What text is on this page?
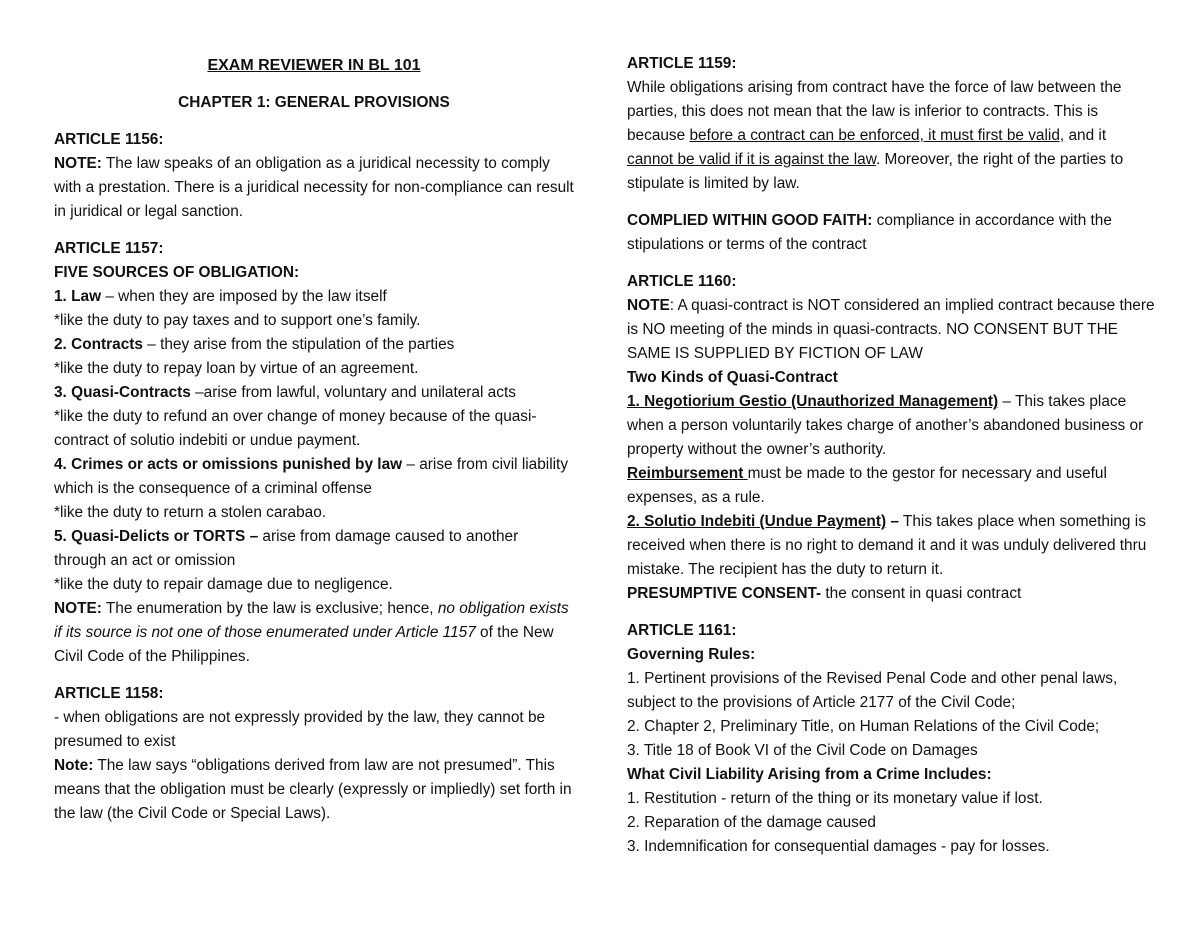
EXAM REVIEWER IN BL 101

CHAPTER 1: GENERAL PROVISIONS

ARTICLE 1156:

NOTE: The law speaks of an obligation as a juridical necessity to comply with a prestation. There is a juridical necessity for non-compliance can result in juridical or legal sanction.

ARTICLE 1157:

FIVE SOURCES OF OBLIGATION:

1. Law – when they are imposed by the law itself

*like the duty to pay taxes and to support one’s family.

2. Contracts – they arise from the stipulation of the parties

*like the duty to repay loan by virtue of an agreement.

3. Quasi-Contracts –arise from lawful, voluntary and unilateral acts

*like the duty to refund an over change of money because of the quasi-contract of solutio indebiti or undue payment.

4. Crimes or acts or omissions punished by law – arise from civil liability which is the consequence of a criminal offense

*like the duty to return a stolen carabao.

5. Quasi-Delicts or TORTS – arise from damage caused to another through an act or omission

*like the duty to repair damage due to negligence.

NOTE: The enumeration by the law is exclusive; hence, no obligation exists if its source is not one of those enumerated under Article 1157 of the New Civil Code of the Philippines.

ARTICLE 1158:

- when obligations are not expressly provided by the law, they cannot be presumed to exist

Note: The law says “obligations derived from law are not presumed”. This means that the obligation must be clearly (expressly or impliedly) set forth in the law (the Civil Code or Special Laws).

ARTICLE 1159:

While obligations arising from contract have the force of law between the parties, this does not mean that the law is inferior to contracts. This is because before a contract can be enforced, it must first be valid, and it cannot be valid if it is against the law. Moreover, the right of the parties to stipulate is limited by law.

COMPLIED WITHIN GOOD FAITH: compliance in accordance with the stipulations or terms of the contract

ARTICLE 1160:

NOTE: A quasi-contract is NOT considered an implied contract because there is NO meeting of the minds in quasi-contracts. NO CONSENT BUT THE SAME IS SUPPLIED BY FICTION OF LAW

Two Kinds of Quasi-Contract

1. Negotiorium Gestio (Unauthorized Management) – This takes place when a person voluntarily takes charge of another’s abandoned business or property without the owner’s authority.

Reimbursement must be made to the gestor for necessary and useful expenses, as a rule.

2. Solutio Indebiti (Undue Payment) – This takes place when something is received when there is no right to demand it and it was unduly delivered thru mistake. The recipient has the duty to return it.

PRESUMPTIVE CONSENT- the consent in quasi contract

ARTICLE 1161:

Governing Rules:

1. Pertinent provisions of the Revised Penal Code and other penal laws, subject to the provisions of Article 2177 of the Civil Code;

2. Chapter 2, Preliminary Title, on Human Relations of the Civil Code;

3. Title 18 of Book VI of the Civil Code on Damages

What Civil Liability Arising from a Crime Includes:

1. Restitution - return of the thing or its monetary value if lost.

2. Reparation of the damage caused

3. Indemnification for consequential damages - pay for losses.
